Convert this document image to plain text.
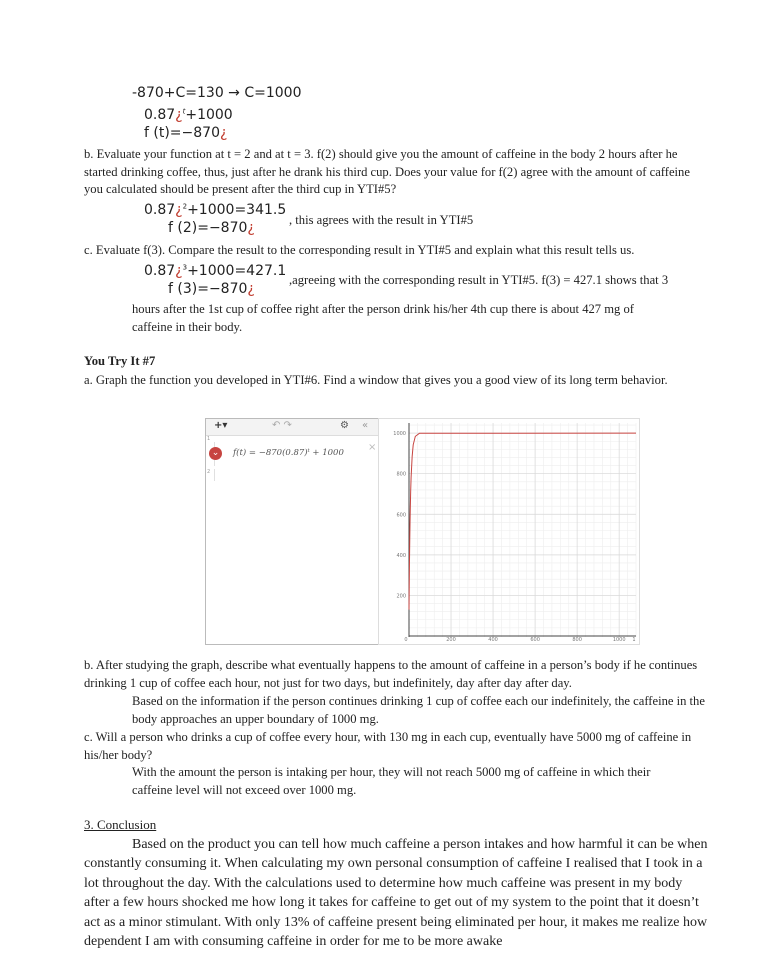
-870+C=130 → C=1000
0.87¿$^t$+1000
f (t)=−870¿
b. Evaluate your function at t = 2 and at t = 3. f(2) should give you the amount of caffeine in the body 2 hours after he started drinking coffee, thus, just after he drank his third cup. Does your value for f(2) agree with the amount of caffeine you calculated should be present after the third cup in YTI#5?
0.87¿$^2$+1000=341.5
f (2)=−870¿	, this agrees with the result in YTI#5
c. Evaluate f(3). Compare the result to the corresponding result in YTI#5 and explain what this result tells us.
0.87¿$^3$+1000=427.1
f (3)=−870¿
,agreeing with the corresponding result in YTI#5. f(3) = 427.1 shows that 3
hours after the 1st cup of coffee right after the person drink his/her 4th cup there is about 427 mg of caffeine in their body.
You Try It #7
a. Graph the function you developed in YTI#6. Find a window that gives you a good view of its long term behavior.
+▾	↶ ↷	⚙ «
1
⌄	f(t) = −870(0.87)ᵗ + 1000 ×
2
0	200	400	600	800	1000 1
200
400
600
800
1000
b. After studying the graph, describe what eventually happens to the amount of caffeine in a person’s body if he continues drinking 1 cup of coffee each hour, not just for two days, but indefinitely, day after day after day.
Based on the information if the person continues drinking 1 cup of coffee each our indefinitely, the caffeine in the body approaches an upper boundary of 1000 mg.
c. Will a person who drinks a cup of coffee every hour, with 130 mg in each cup, eventually have 5000 mg of caffeine in his/her body?
With the amount the person is intaking per hour, they will not reach 5000 mg of caffeine in which their caffeine level will not exceed over 1000 mg.
3. Conclusion
Based on the product you can tell how much caffeine a person intakes and how harmful it can be when constantly consuming it. When calculating my own personal consumption of caffeine I realised that I took in a lot throughout the day. With the calculations used to determine how much caffeine was present in my body after a few hours shocked me how long it takes for caffeine to get out of my system to the point that it doesn’t act as a minor stimulant. With only 13% of caffeine present being eliminated per hour, it makes me realize how dependent I am with consuming caffeine in order for me to be more awake
